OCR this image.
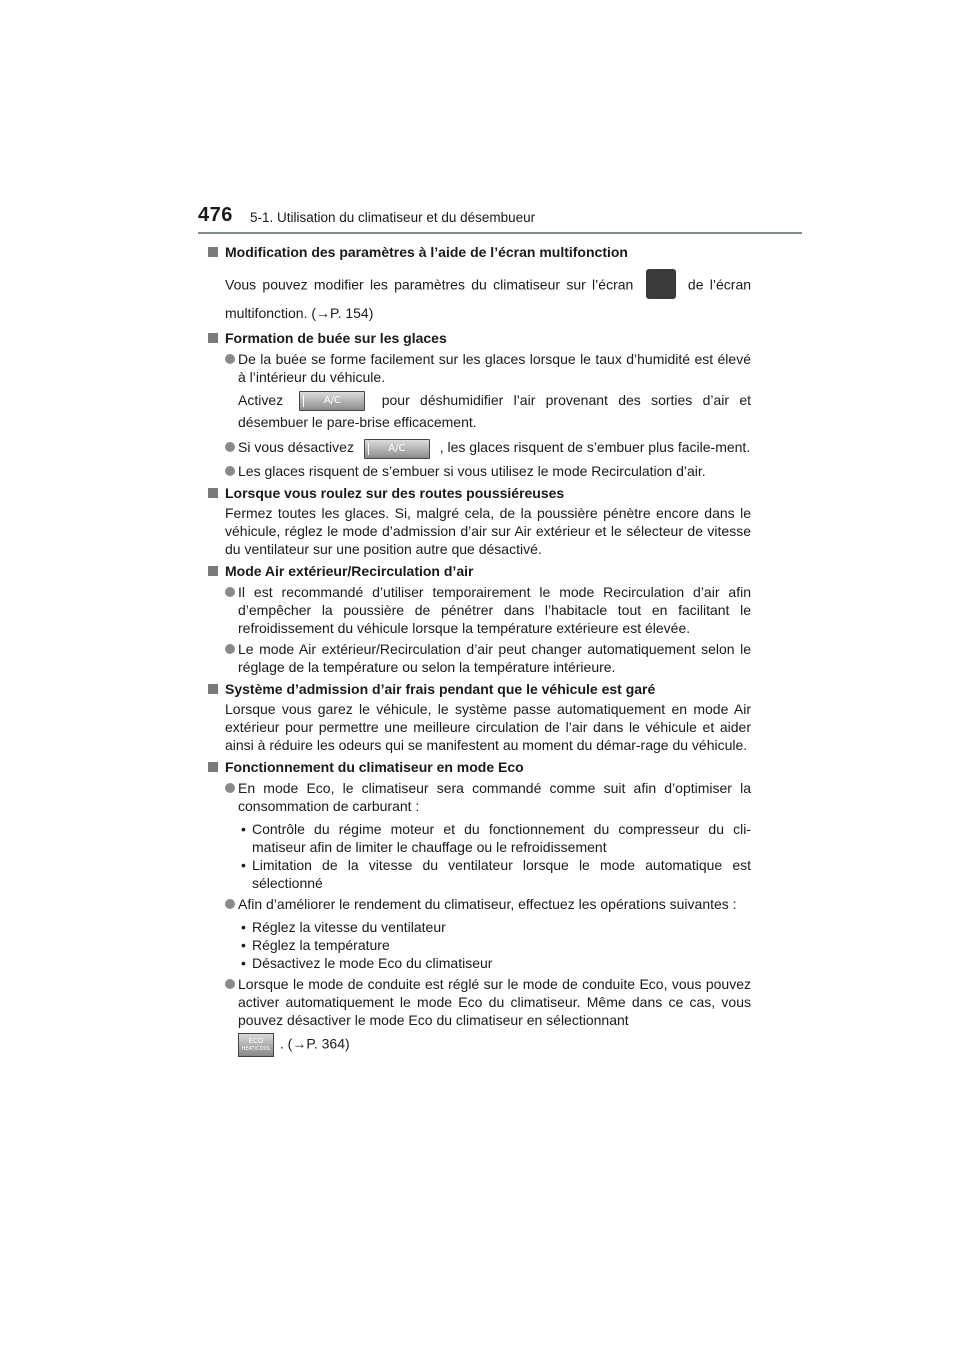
476 5-1. Utilisation du climatiseur et du désembueur
Modification des paramètres à l’aide de l’écran multifonction
Vous pouvez modifier les paramètres du climatiseur sur l’écran	de l’écran multifonction. (→P. 154)
Formation de buée sur les glaces
De la buée se forme facilement sur les glaces lorsque le taux d’humidité est élevé à l’intérieur du véhicule.
Activez	A/C	pour déshumidifier l’air provenant des sorties d’air et désembuer le pare-brise efficacement.
Si vous désactivez	A/C , les glaces risquent de s’embuer plus facile-ment.
Les glaces risquent de s’embuer si vous utilisez le mode Recirculation d’air.
Lorsque vous roulez sur des routes poussiéreuses
Fermez toutes les glaces. Si, malgré cela, de la poussière pénètre encore dans le véhicule, réglez le mode d’admission d’air sur Air extérieur et le sélecteur de vitesse du ventilateur sur une position autre que désactivé.
Mode Air extérieur/Recirculation d’air
Il est recommandé d’utiliser temporairement le mode Recirculation d’air afin d’empêcher la poussière de pénétrer dans l’habitacle tout en facilitant le refroidissement du véhicule lorsque la température extérieure est élevée.
Le mode Air extérieur/Recirculation d’air peut changer automatiquement selon le réglage de la température ou selon la température intérieure.
Système d’admission d’air frais pendant que le véhicule est garé
Lorsque vous garez le véhicule, le système passe automatiquement en mode Air extérieur pour permettre une meilleure circulation de l’air dans le véhicule et aider ainsi à réduire les odeurs qui se manifestent au moment du démar-rage du véhicule.
Fonctionnement du climatiseur en mode Eco
En mode Eco, le climatiseur sera commandé comme suit afin d’optimiser la consommation de carburant :
• Contrôle du régime moteur et du fonctionnement du compresseur du cli-matiseur afin de limiter le chauffage ou le refroidissement
• Limitation de la vitesse du ventilateur lorsque le mode automatique est sélectionné
Afin d’améliorer le rendement du climatiseur, effectuez les opérations suivantes :
• Réglez la vitesse du ventilateur
• Réglez la température
• Désactivez le mode Eco du climatiseur
Lorsque le mode de conduite est réglé sur le mode de conduite Eco, vous pouvez activer automatiquement le mode Eco du climatiseur. Même dans ce cas, vous pouvez désactiver le mode Eco du climatiseur en sélectionnant
ECO
HEAT/COOL . (→P. 364)
